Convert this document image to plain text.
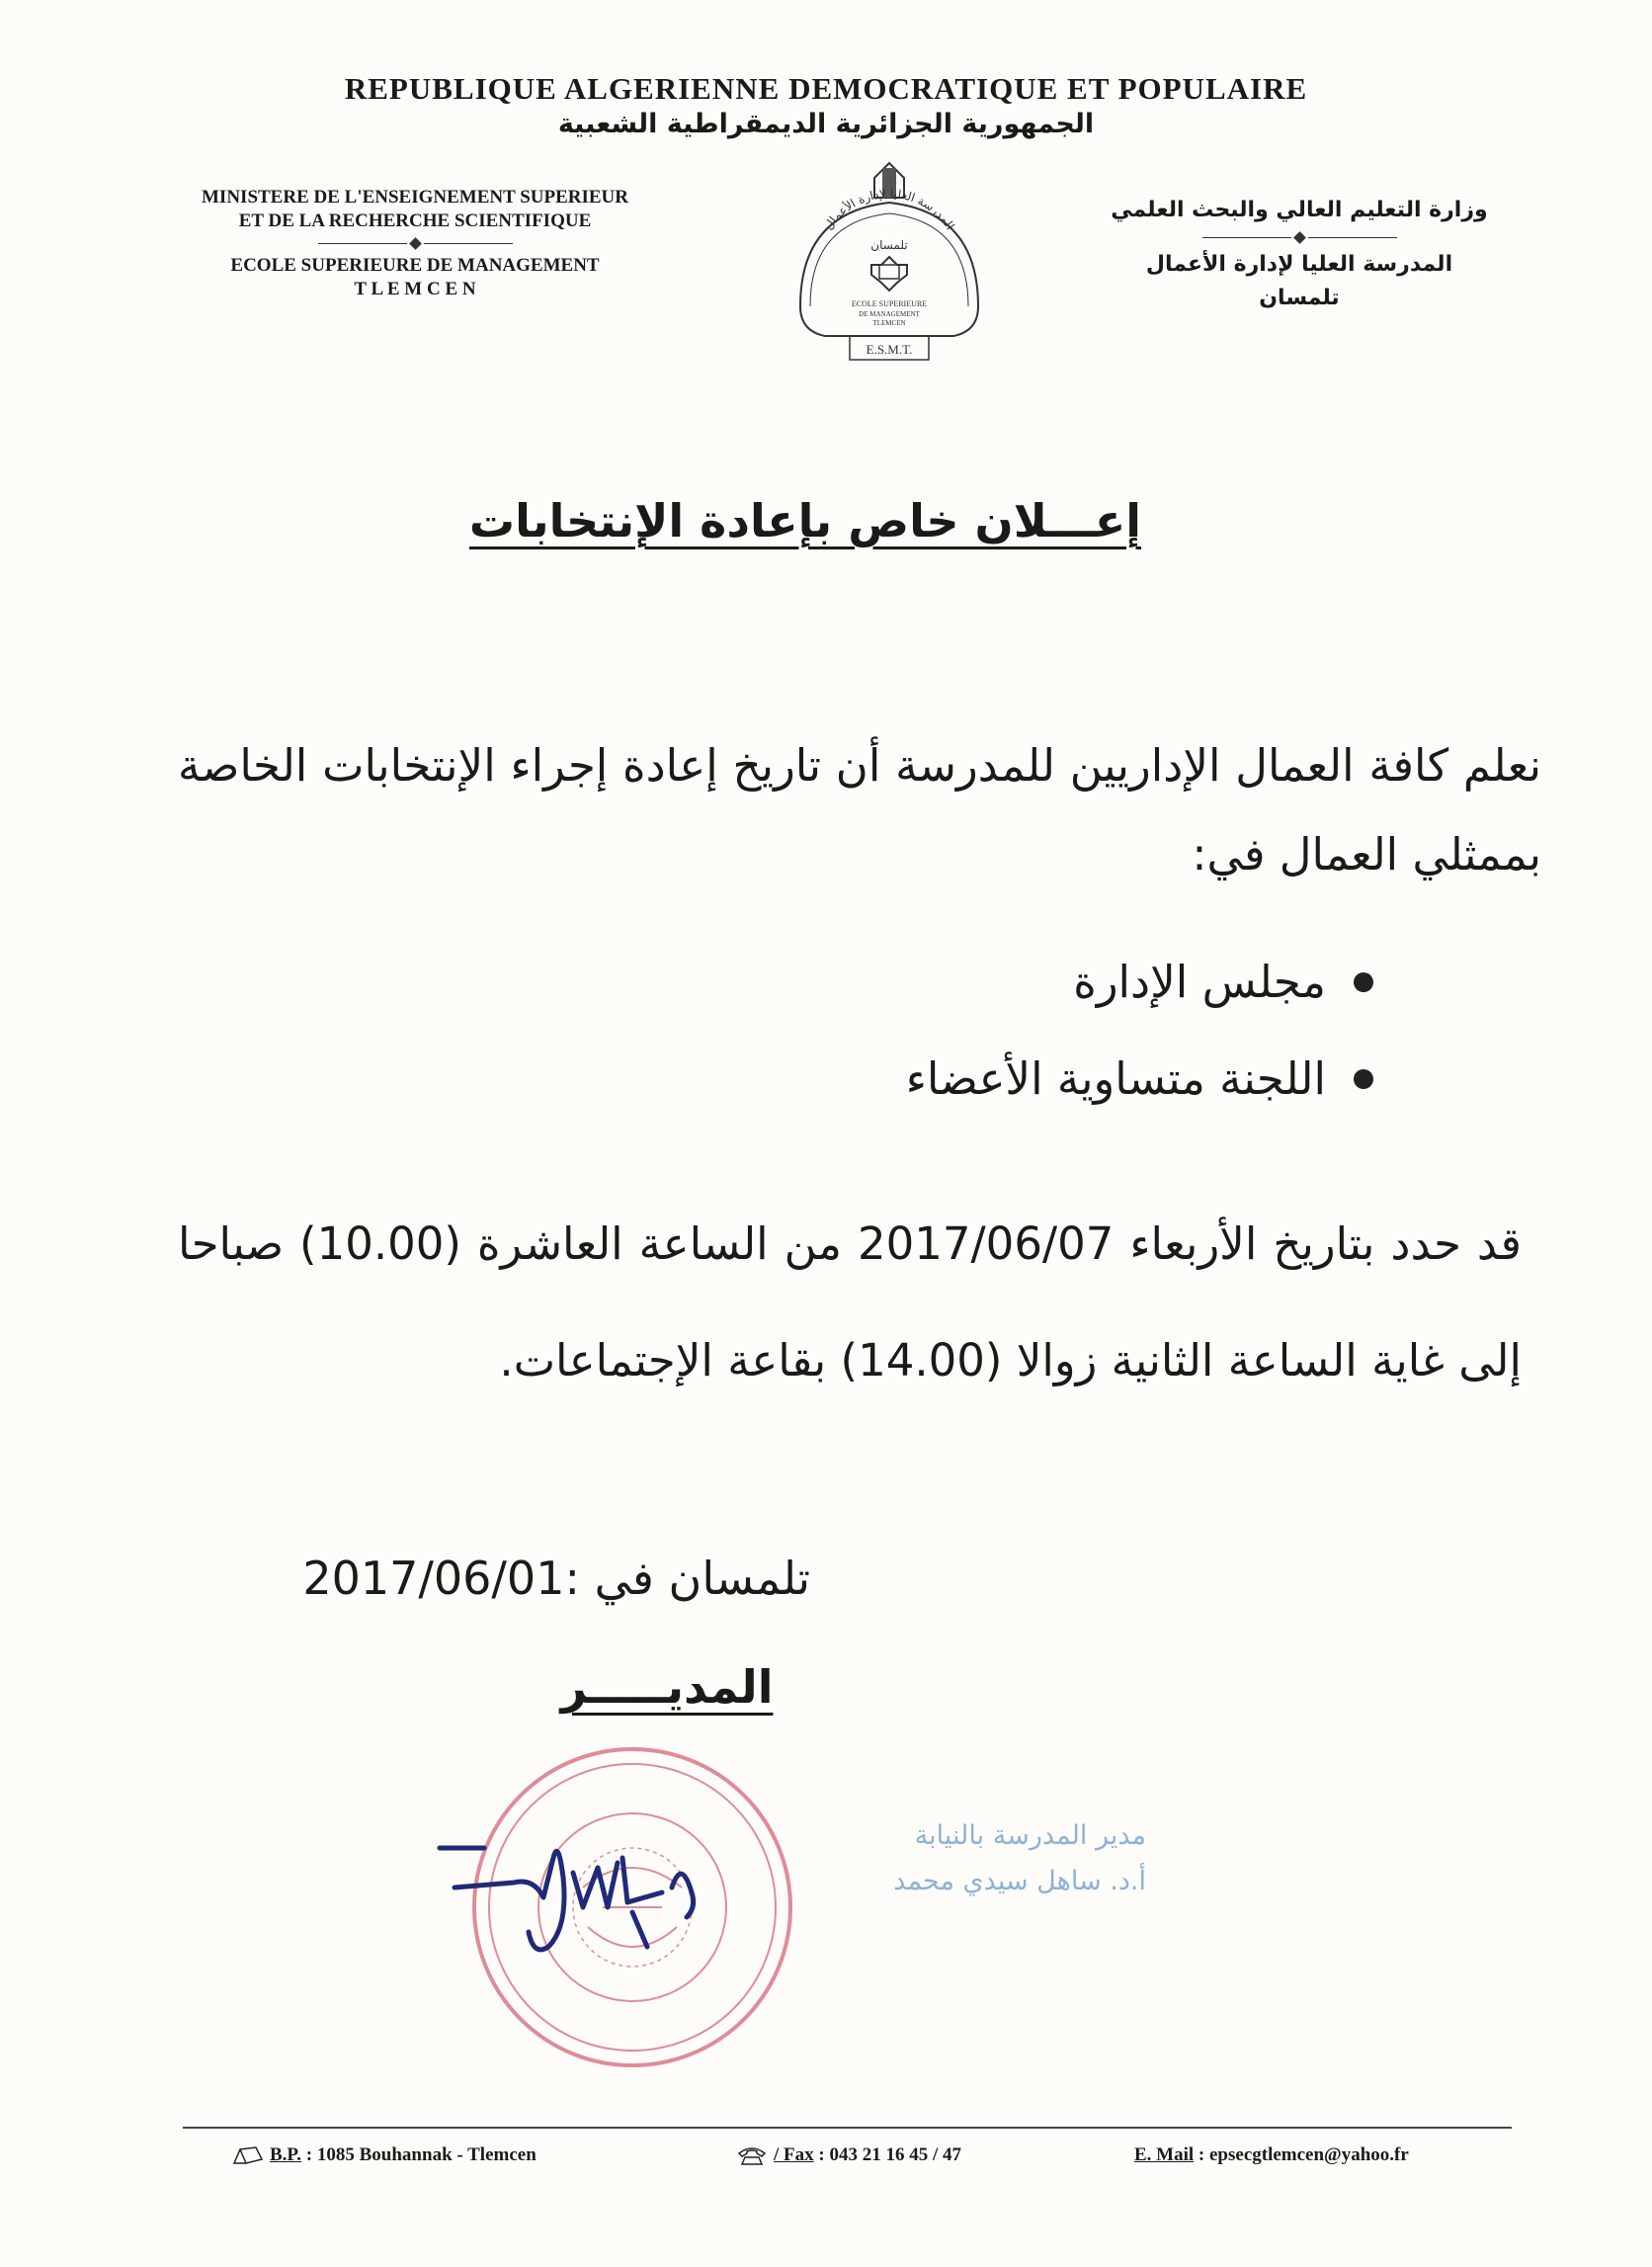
REPUBLIQUE ALGERIENNE DEMOCRATIQUE ET POPULAIRE
الجمهورية الجزائرية الديمقراطية الشعبية
MINISTERE DE L'ENSEIGNEMENT SUPERIEUR
ET DE LA RECHERCHE SCIENTIFIQUE
ECOLE SUPERIEURE DE MANAGEMENT
T L E M C E N
وزارة التعليم العالي والبحث العلمي
المدرسة العليا لإدارة الأعمال
تلمسان
المدرسة العليا لإدارة الأعمال
تلمسان
ECOLE SUPERIEURE
DE MANAGEMENT
TLEMCEN
E.S.M.T.
إعـــلان خاص بإعادة الإنتخابات
نعلم كافة العمال الإداريين للمدرسة أن تاريخ إعادة إجراء الإنتخابات الخاصة بممثلي العمال في:
مجلس الإدارة
اللجنة متساوية الأعضاء
قد حدد بتاريخ الأربعاء 2017/06/07 من الساعة العاشرة (10.00) صباحا إلى غاية الساعة الثانية زوالا (14.00) بقاعة الإجتماعات.
تلمسان في :2017/06/01
المديـــــر
مدير المدرسة بالنيابة
أ.د. ساهل سيدي محمد
B.P.
: 1085 Bouhannak - Tlemcen	/ Fax
: 043 21 16 45 / 47	E. Mail
: epsecgtlemcen@yahoo.fr
